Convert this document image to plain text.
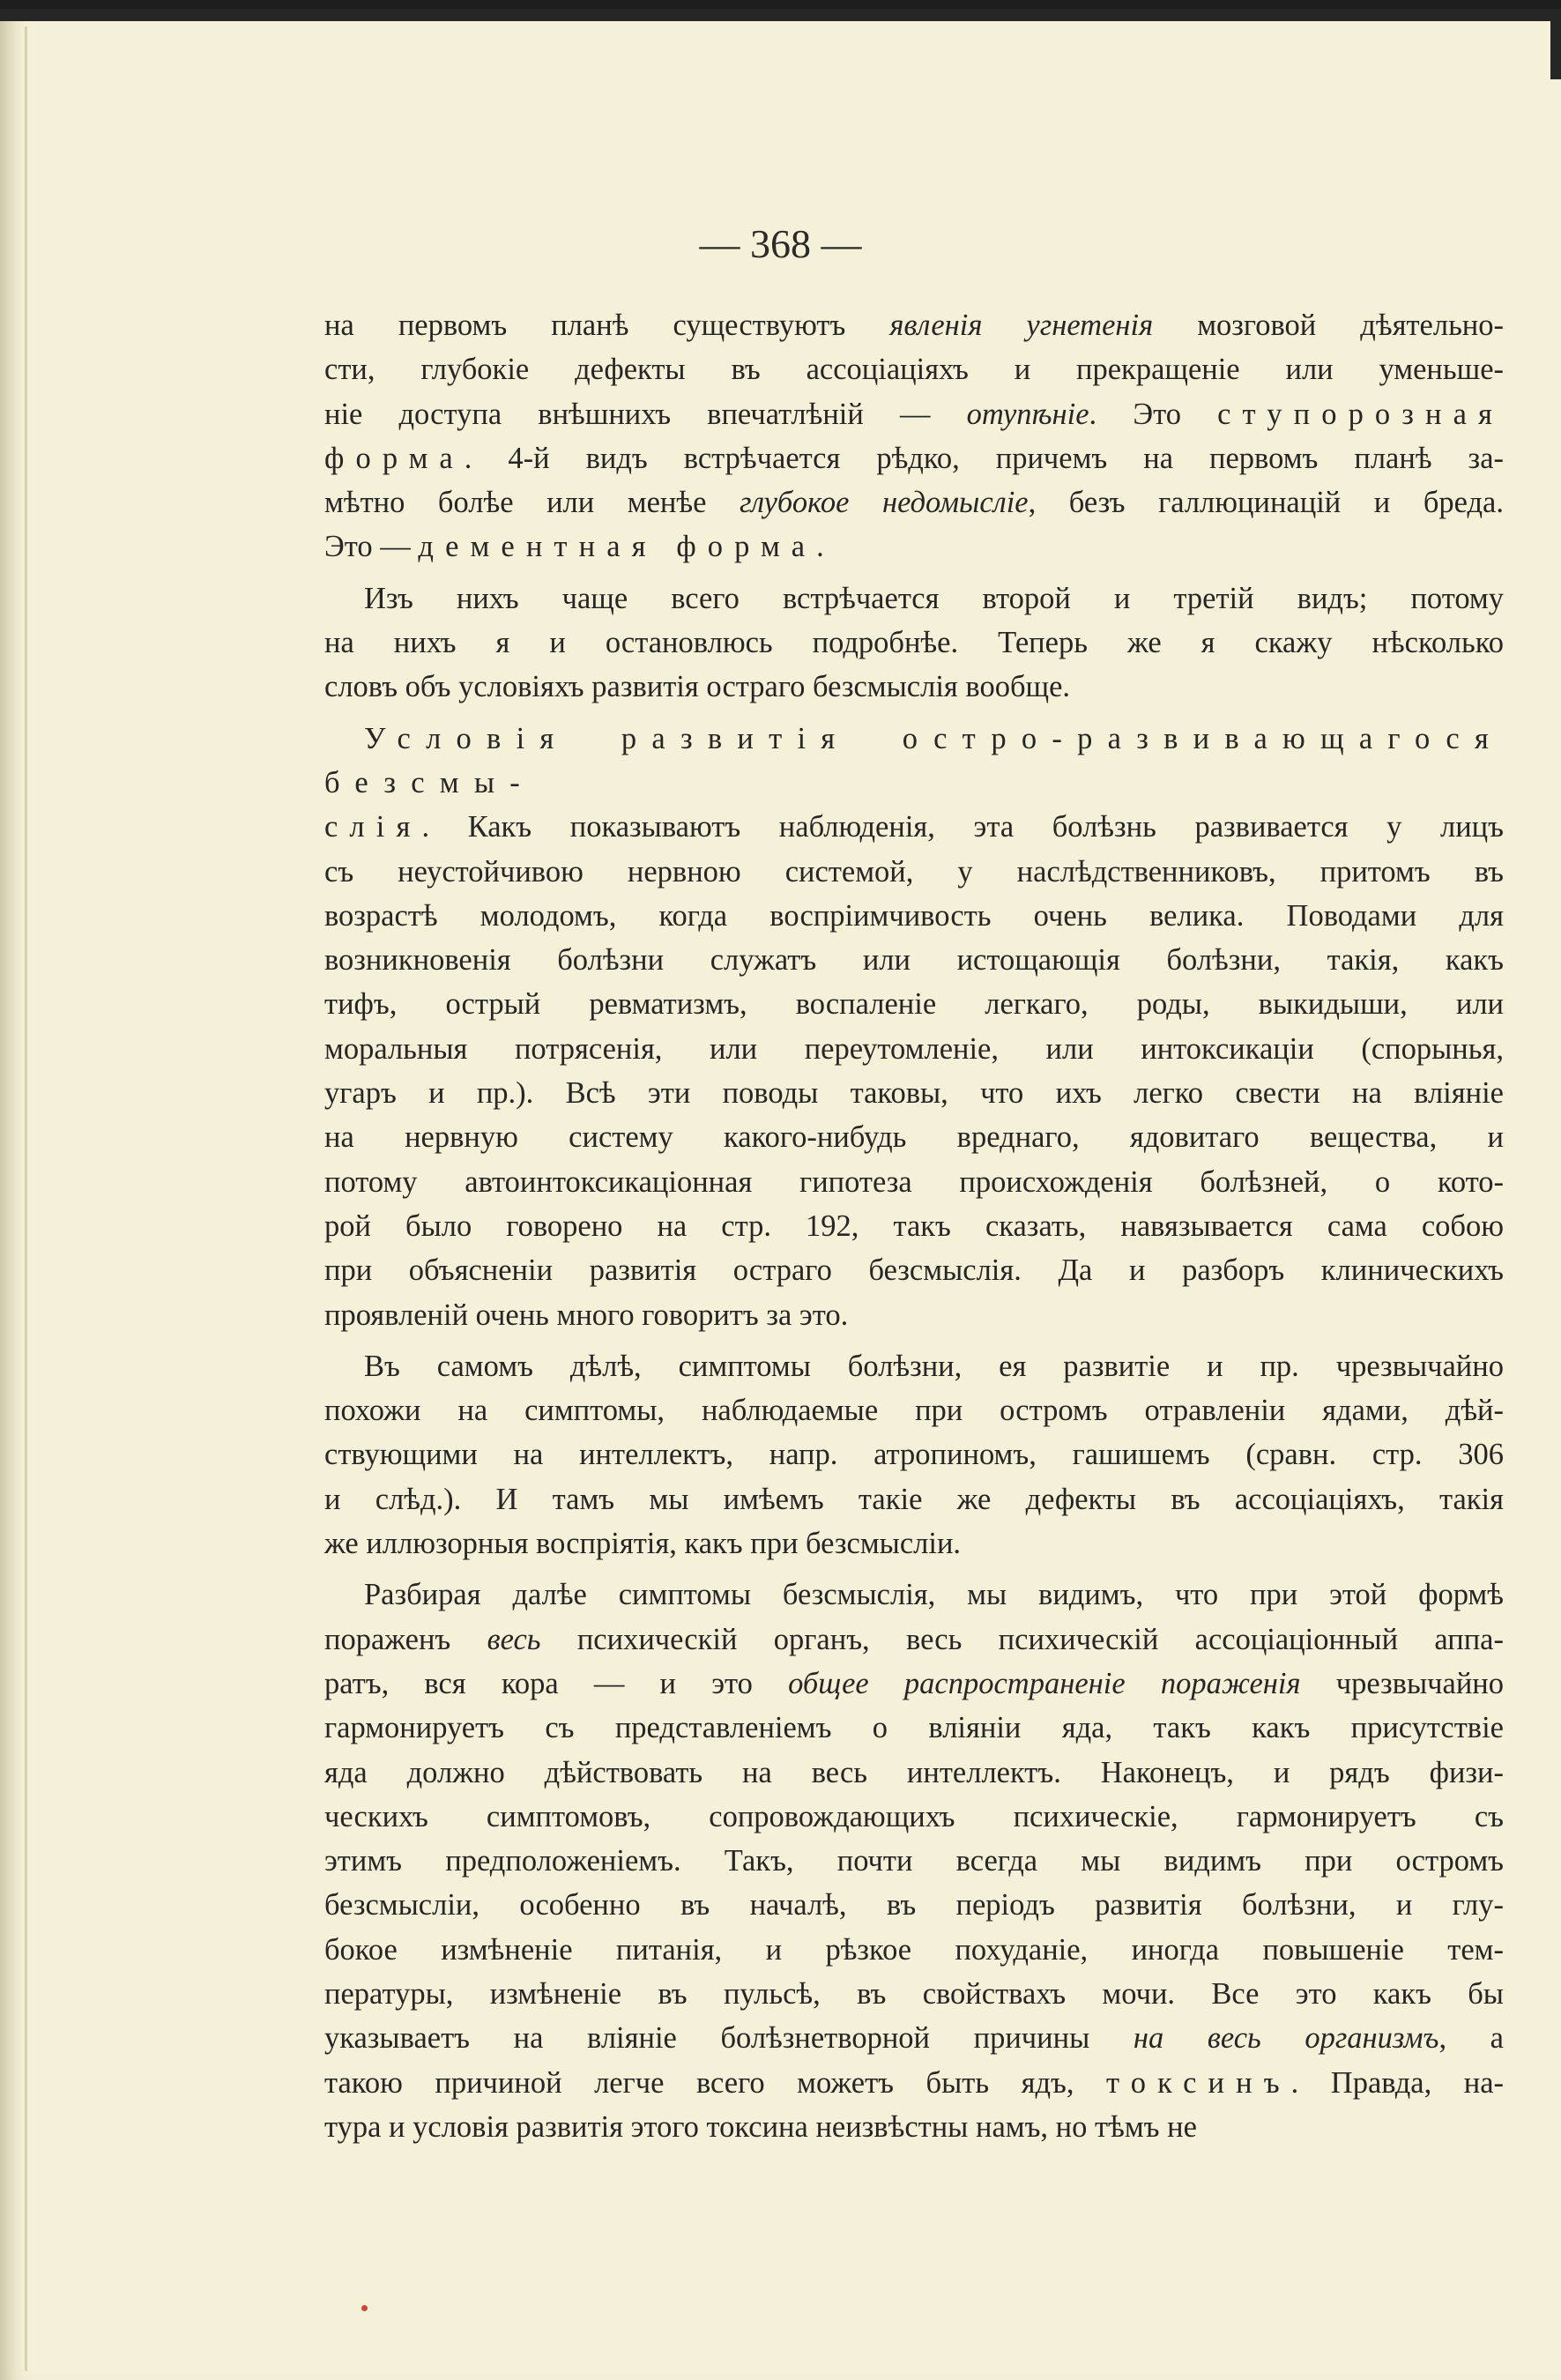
— 368 —

на первомъ планѣ существуютъ явленія угнетенія мозговой дѣятельно-

сти, глубокіе дефекты въ ассоціаціяхъ и прекращеніе или уменьше-

ніе доступа внѣшнихъ впечатлѣній — отупѣніе. Это ступорозная

форма. 4-й видъ встрѣчается рѣдко, причемъ на первомъ планѣ за-

мѣтно болѣе или менѣе глубокое недомысліе, безъ галлюцинацій и бреда.

Это — дементная форма.

Изъ нихъ чаще всего встрѣчается второй и третій видъ; потому

на нихъ я и остановлюсь подробнѣе. Теперь же я скажу нѣсколько

словъ объ условіяхъ развитія остраго безсмыслія вообще.

Условія развитія остро-развивающагося безсмы-

слія. Какъ показываютъ наблюденія, эта болѣзнь развивается у лицъ

съ неустойчивою нервною системой, у наслѣдственниковъ, притомъ въ

возрастѣ молодомъ, когда воспріимчивость очень велика. Поводами для

возникновенія болѣзни служатъ или истощающія болѣзни, такія, какъ

тифъ, острый ревматизмъ, воспаленіе легкаго, роды, выкидыши, или

моральныя потрясенія, или переутомленіе, или интоксикаціи (спорынья,

угаръ и пр.). Всѣ эти поводы таковы, что ихъ легко свести на вліяніе

на нервную систему какого-нибудь вреднаго, ядовитаго вещества, и

потому автоинтоксикаціонная гипотеза происхожденія болѣзней, о кото-

рой было говорено на стр. 192, такъ сказать, навязывается сама собою

при объясненіи развитія остраго безсмыслія. Да и разборъ клиническихъ

проявленій очень много говоритъ за это.

Въ самомъ дѣлѣ, симптомы болѣзни, ея развитіе и пр. чрезвычайно

похожи на симптомы, наблюдаемые при остромъ отравленіи ядами, дѣй-

ствующими на интеллектъ, напр. атропиномъ, гашишемъ (сравн. стр. 306

и слѣд.). И тамъ мы имѣемъ такіе же дефекты въ ассоціаціяхъ, такія

же иллюзорныя воспріятія, какъ при безсмысліи.

Разбирая далѣе симптомы безсмыслія, мы видимъ, что при этой формѣ

пораженъ весь психическій органъ, весь психическій ассоціаціонный аппа-

ратъ, вся кора — и это общее распространеніе пораженія чрезвычайно

гармонируетъ съ представленіемъ о вліяніи яда, такъ какъ присутствіе

яда должно дѣйствовать на весь интеллектъ. Наконецъ, и рядъ физи-

ческихъ симптомовъ, сопровождающихъ психическіе, гармонируетъ съ

этимъ предположеніемъ. Такъ, почти всегда мы видимъ при остромъ

безсмысліи, особенно въ началѣ, въ періодъ развитія болѣзни, и глу-

бокое измѣненіе питанія, и рѣзкое похуданіе, иногда повышеніе тем-

пературы, измѣненіе въ пульсѣ, въ свойствахъ мочи. Все это какъ бы

указываетъ на вліяніе болѣзнетворной причины на весь организмъ, а

такою причиной легче всего можетъ быть ядъ, токсинъ. Правда, на-

тура и условія развитія этого токсина неизвѣстны намъ, но тѣмъ не
